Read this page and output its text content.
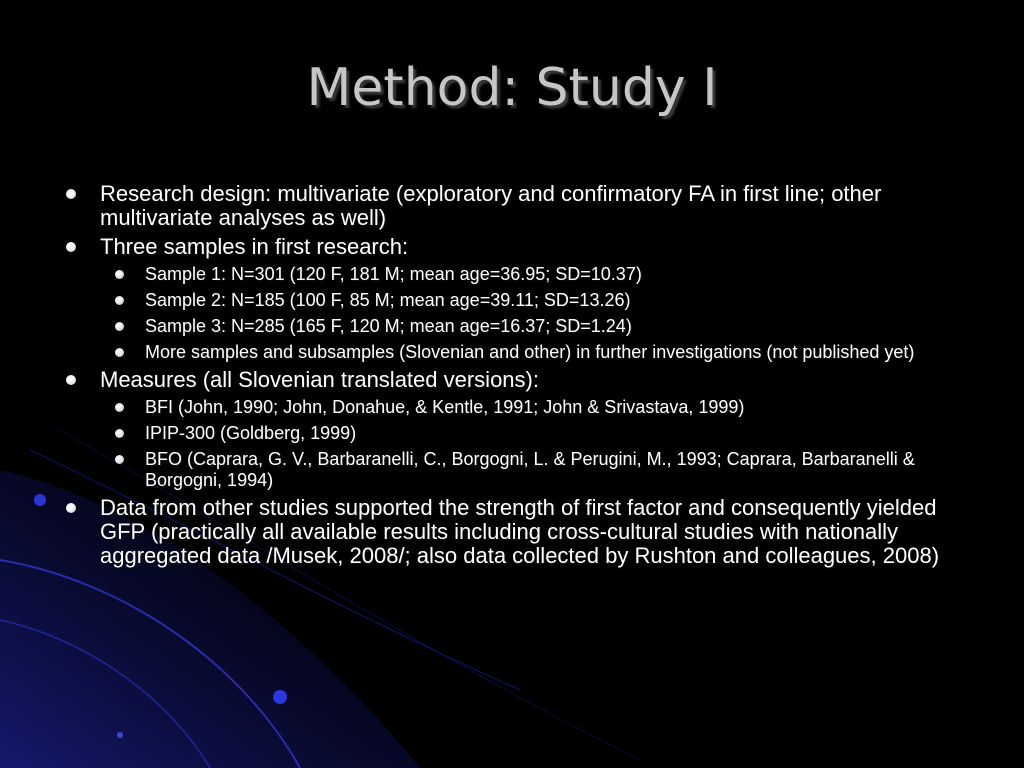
Method: Study I
Research design: multivariate (exploratory and confirmatory FA in first line; other multivariate analyses as well)
Three samples in first research:
Sample 1: N=301 (120 F, 181 M; mean age=36.95; SD=10.37)
Sample 2: N=185 (100 F, 85 M; mean age=39.11; SD=13.26)
Sample 3: N=285 (165 F, 120 M; mean age=16.37; SD=1.24)
More samples and subsamples (Slovenian and other) in further investigations (not published yet)
Measures (all Slovenian translated versions):
BFI (John, 1990; John, Donahue, & Kentle, 1991; John & Srivastava, 1999)
IPIP-300 (Goldberg, 1999)
BFO (Caprara, G. V., Barbaranelli, C., Borgogni, L. & Perugini, M., 1993; Caprara, Barbaranelli & Borgogni, 1994)
Data from other studies supported the strength of first factor and consequently yielded GFP (practically all available results including cross-cultural studies with nationally aggregated data /Musek, 2008/; also data collected by Rushton and colleagues, 2008)
